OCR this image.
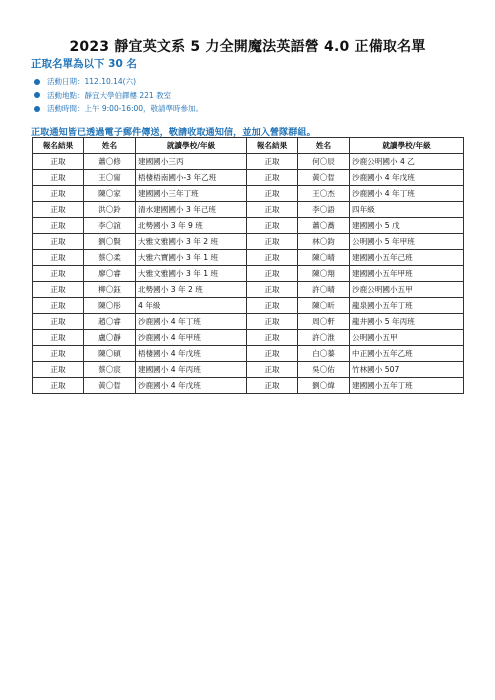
2023 靜宜英文系 5 力全開魔法英語營 4.0 正備取名單
正取名單為以下 30 名
活動日期：112.10.14(六)
活動地點：靜宜大學伯鐸樓 221 教室
活動時間：上午 9:00-16:00，敬請準時參加。
正取通知皆已透過電子郵件傳送，敬請收取通知信，並加入營隊群組。
報名結果	姓名	就讀學校/年級	報名結果	姓名	就讀學校/年級
正取	蕭〇修	建國國小三丙	正取	何〇辰	沙鹿公明國小 4 乙
正取	王〇甯	梧棲梧南國小-3 年乙班	正取	黃〇晢	沙鹿國小 4 年戊班
正取	陳〇家	建國國小三年丁班	正取	王〇杰	沙鹿國小 4 年丁班
正取	洪〇鈴	清水建國國小 3 年己班	正取	李〇語	四年級
正取	李〇誼	北勢國小 3 年 9 班	正取	蕭〇蕎	建國國小 5 戊
正取	劉〇賢	大雅文雅國小 3 年 2 班	正取	林〇鈞	公明國小 5 年甲班
正取	蔡〇柔	大雅六寶國小 3 年 1 班	正取	陳〇晴	建國國小五年己班
正取	廖〇睿	大雅文雅國小 3 年 1 班	正取	陳〇翔	建國國小五年甲班
正取	柳〇鈺	北勢國小 3 年 2 班	正取	許〇晴	沙鹿公明國小五甲
正取	陳〇彤	4 年級	正取	陳〇昕	龍泉國小五年丁班
正取	趙〇睿	沙鹿國小 4 年丁班	正取	周〇軒	龍井國小 5 年丙班
正取	盧〇靜	沙鹿國小 4 年甲班	正取	許〇淮	公明國小五甲
正取	陳〇碩	梧棲國小 4 年戊班	正取	白〇蓁	中正國小五年乙班
正取	蔡〇宸	建國國小 4 年丙班	正取	吳〇佑	竹林國小 507
正取	黃〇晢	沙鹿國小 4 年戊班	正取	劉〇煒	建國國小五年丁班
